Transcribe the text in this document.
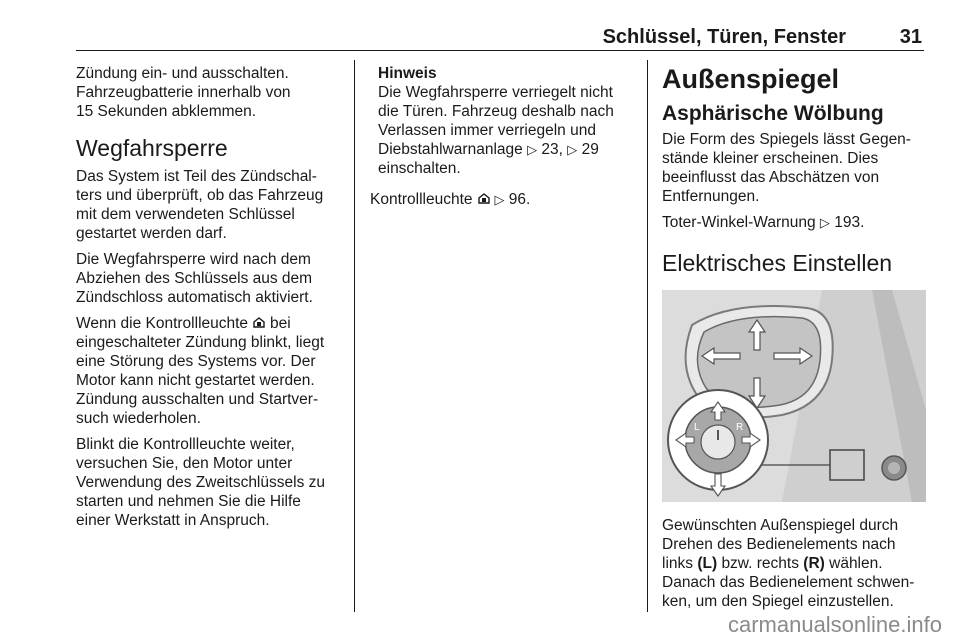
Schlüssel, Türen, Fenster	31

Zündung ein- und ausschalten.
Fahrzeugbatterie innerhalb von
15 Sekunden abklemmen.

Wegfahrsperre

Das System ist Teil des Zündschal-
ters und überprüft, ob das Fahrzeug
mit dem verwendeten Schlüssel
gestartet werden darf.

Die Wegfahrsperre wird nach dem
Abziehen des Schlüssels aus dem
Zündschloss automatisch aktiviert.

Wenn die Kontrollleuchte bei
eingeschalteter Zündung blinkt, liegt
eine Störung des Systems vor. Der
Motor kann nicht gestartet werden.
Zündung ausschalten und Startver-
such wiederholen.

Blinkt die Kontrollleuchte weiter,
versuchen Sie, den Motor unter
Verwendung des Zweitschlüssels zu
starten und nehmen Sie die Hilfe
einer Werkstatt in Anspruch.

Hinweis
Die Wegfahrsperre verriegelt nicht
die Türen. Fahrzeug deshalb nach
Verlassen immer verriegeln und
Diebstahlwarnanlage ▷ 23, ▷ 29
einschalten.

Kontrollleuchte ▷ 96.

Außenspiegel
Asphärische Wölbung

Die Form des Spiegels lässt Gegen-
stände kleiner erscheinen. Dies
beeinflusst das Abschätzen von
Entfernungen.

Toter-Winkel-Warnung ▷ 193.

Elektrisches Einstellen
L	R

Gewünschten Außenspiegel durch
Drehen des Bedienelements nach
links (L) bzw. rechts (R) wählen.
Danach das Bedienelement schwen-
ken, um den Spiegel einzustellen.

carmanualsonline.info
